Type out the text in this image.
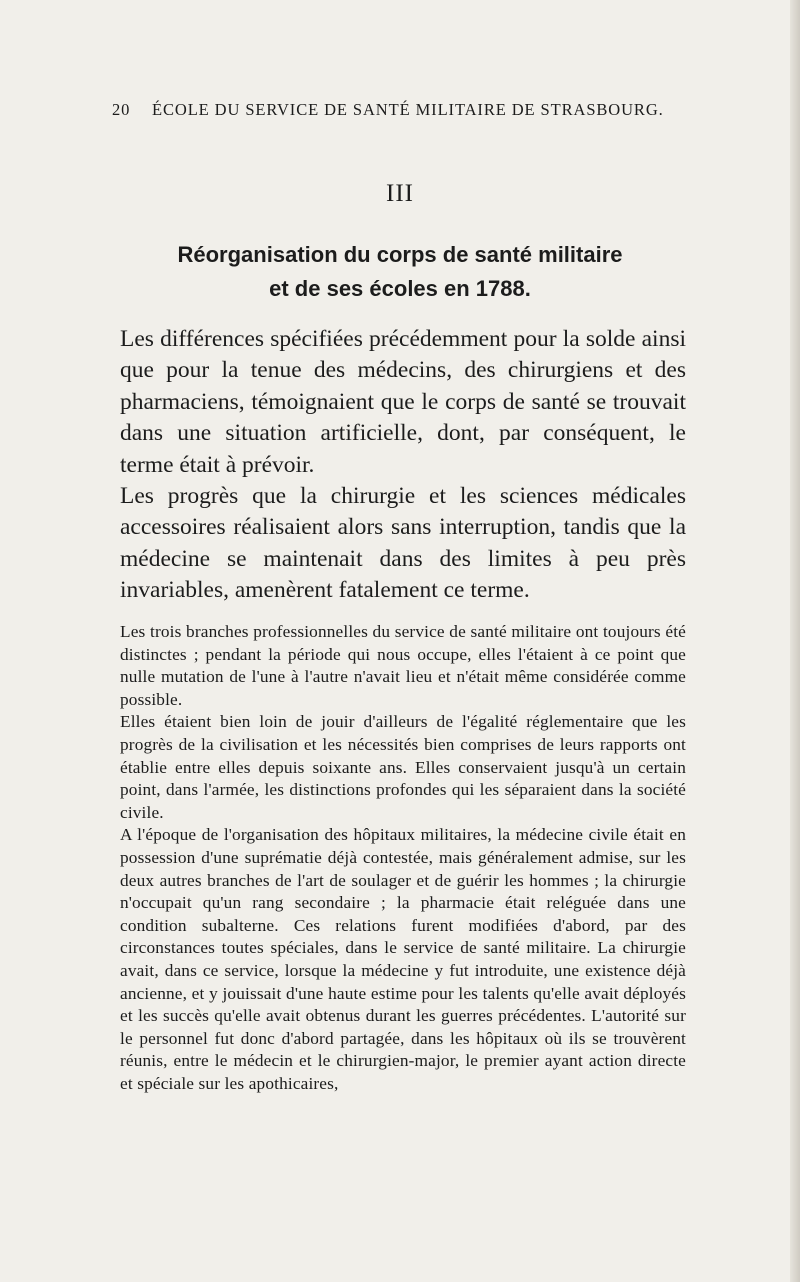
20 ÉCOLE DU SERVICE DE SANTÉ MILITAIRE DE STRASBOURG.
III
Réorganisation du corps de santé militaire
et de ses écoles en 1788.

Les différences spécifiées précédemment pour la solde ainsi que pour la tenue des médecins, des chirurgiens et des pharmaciens, témoignaient que le corps de santé se trouvait dans une situation artificielle, dont, par conséquent, le terme était à prévoir.

Les progrès que la chirurgie et les sciences médicales accessoires réalisaient alors sans interruption, tandis que la médecine se maintenait dans des limites à peu près invariables, amenèrent fatalement ce terme.

Les trois branches professionnelles du service de santé militaire ont toujours été distinctes ; pendant la période qui nous occupe, elles l'étaient à ce point que nulle mutation de l'une à l'autre n'avait lieu et n'était même considérée comme possible.

Elles étaient bien loin de jouir d'ailleurs de l'égalité réglementaire que les progrès de la civilisation et les nécessités bien comprises de leurs rapports ont établie entre elles depuis soixante ans. Elles conservaient jusqu'à un certain point, dans l'armée, les distinctions profondes qui les séparaient dans la société civile.

A l'époque de l'organisation des hôpitaux militaires, la médecine civile était en possession d'une suprématie déjà contestée, mais généralement admise, sur les deux autres branches de l'art de soulager et de guérir les hommes ; la chirurgie n'occupait qu'un rang secondaire ; la pharmacie était reléguée dans une condition subalterne. Ces relations furent modifiées d'abord, par des circonstances toutes spéciales, dans le service de santé militaire. La chirurgie avait, dans ce service, lorsque la médecine y fut introduite, une existence déjà ancienne, et y jouissait d'une haute estime pour les talents qu'elle avait déployés et les succès qu'elle avait obtenus durant les guerres précédentes. L'autorité sur le personnel fut donc d'abord partagée, dans les hôpitaux où ils se trouvèrent réunis, entre le médecin et le chirurgien-major, le premier ayant action directe et spéciale sur les apothicaires,
